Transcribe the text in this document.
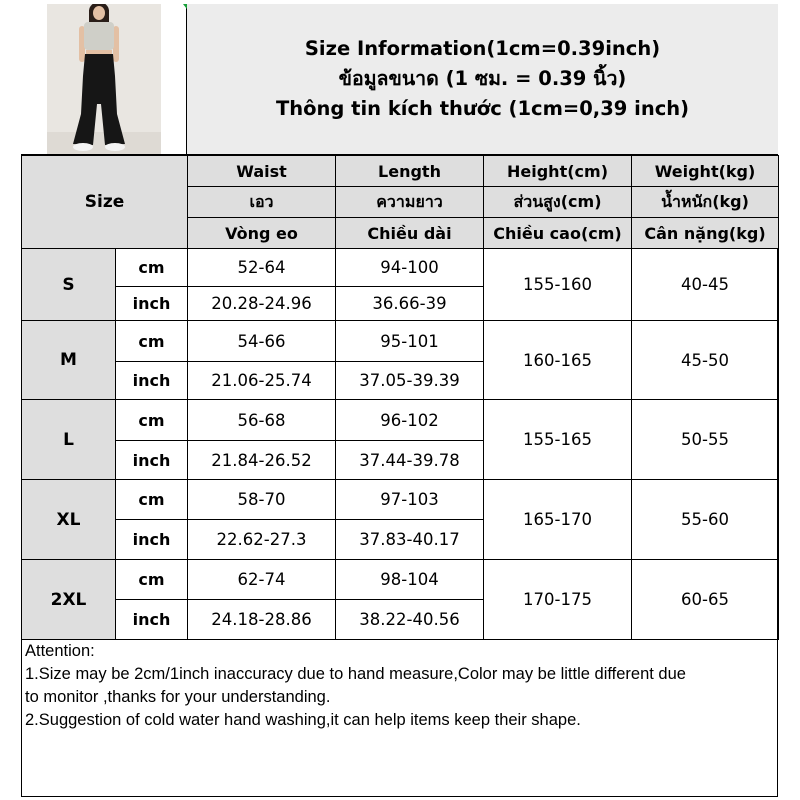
Size Information(1cm=0.39inch)
ข้อมูลขนาด (1 ซม. = 0.39 นิ้ว)
Thông tin kích thước (1cm=0,39 inch)
Size		Waist	Length	Height(cm)	Weight(kg)
		เอว	ความยาว	ส่วนสูง(cm)	น้ำหนัก(kg)
		Vòng eo	Chiều dài	Chiều cao(cm)	Cân nặng(kg)
S	cm	52-64	94-100	155-160	40-45
	inch	20.28-24.96	36.66-39		
M	cm	54-66	95-101	160-165	45-50
	inch	21.06-25.74	37.05-39.39		
L	cm	56-68	96-102	155-165	50-55
	inch	21.84-26.52	37.44-39.78		
XL	cm	58-70	97-103	165-170	55-60
	inch	22.62-27.3	37.83-40.17		
2XL	cm	62-74	98-104	170-175	60-65
	inch	24.18-28.86	38.22-40.56		
Attention:
1.Size may be 2cm/1inch inaccuracy due to hand measure,Color may be little different due
to monitor ,thanks for your understanding.
2.Suggestion of cold water hand washing,it can help items keep their shape.
